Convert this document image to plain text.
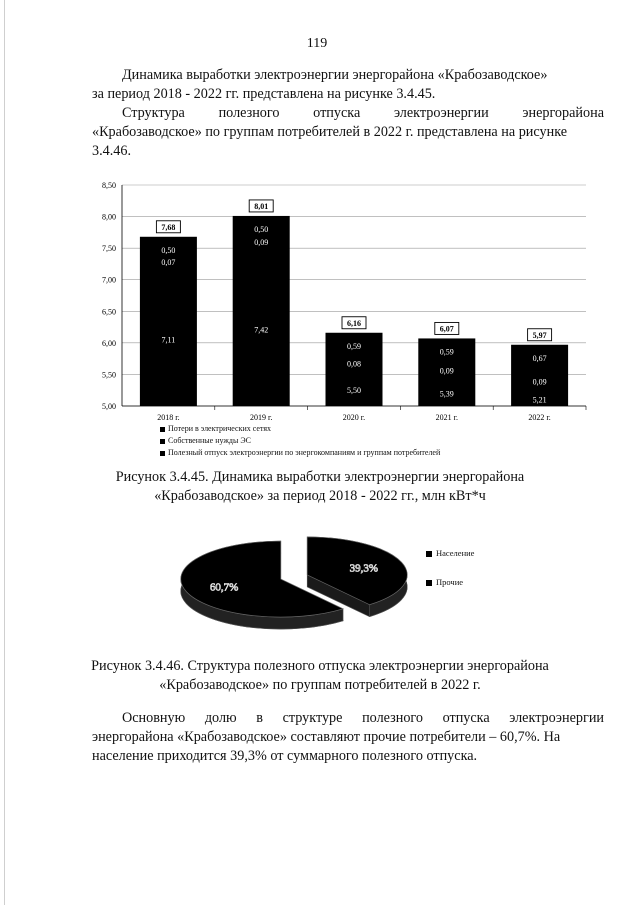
119

Динамика выработки электроэнергии энергорайона «Крабозаводское»

за период 2018 - 2022 гг. представлена на рисунке 3.4.45.

Структура полезного отпуска электроэнергии энергорайона

«Крабозаводское» по группам потребителей в 2022 г. представлена на рисунке

3.4.46.

5,00
5,50
6,00
6,50
7,00
7,50
8,00
8,50
7,11
0,07
0,50
7,68
2018 г.
7,42
0,09
0,50
8,01
2019 г.
5,50
0,08
0,59
6,16
2020 г.
5,39
0,09
0,59
6,07
2021 г.
5,21
0,09
0,67
5,97
2022 г.
Потери в электрических сетях
Собственные нужды ЭС
Полезный отпуск электроэнергии по энергокомпаниям и группам потребителей
Рисунок 3.4.45. Динамика выработки электроэнергии энергорайона
«Крабозаводское» за период 2018 - 2022 гг., млн кВт*ч
39,3%
60,7%
Население
Прочие
Рисунок 3.4.46. Структура полезного отпуска электроэнергии энергорайона
«Крабозаводское» по группам потребителей в 2022 г.

Основную долю в структуре полезного отпуска электроэнергии

энергорайона «Крабозаводское» составляют прочие потребители – 60,7%. На

население приходится 39,3% от суммарного полезного отпуска.
